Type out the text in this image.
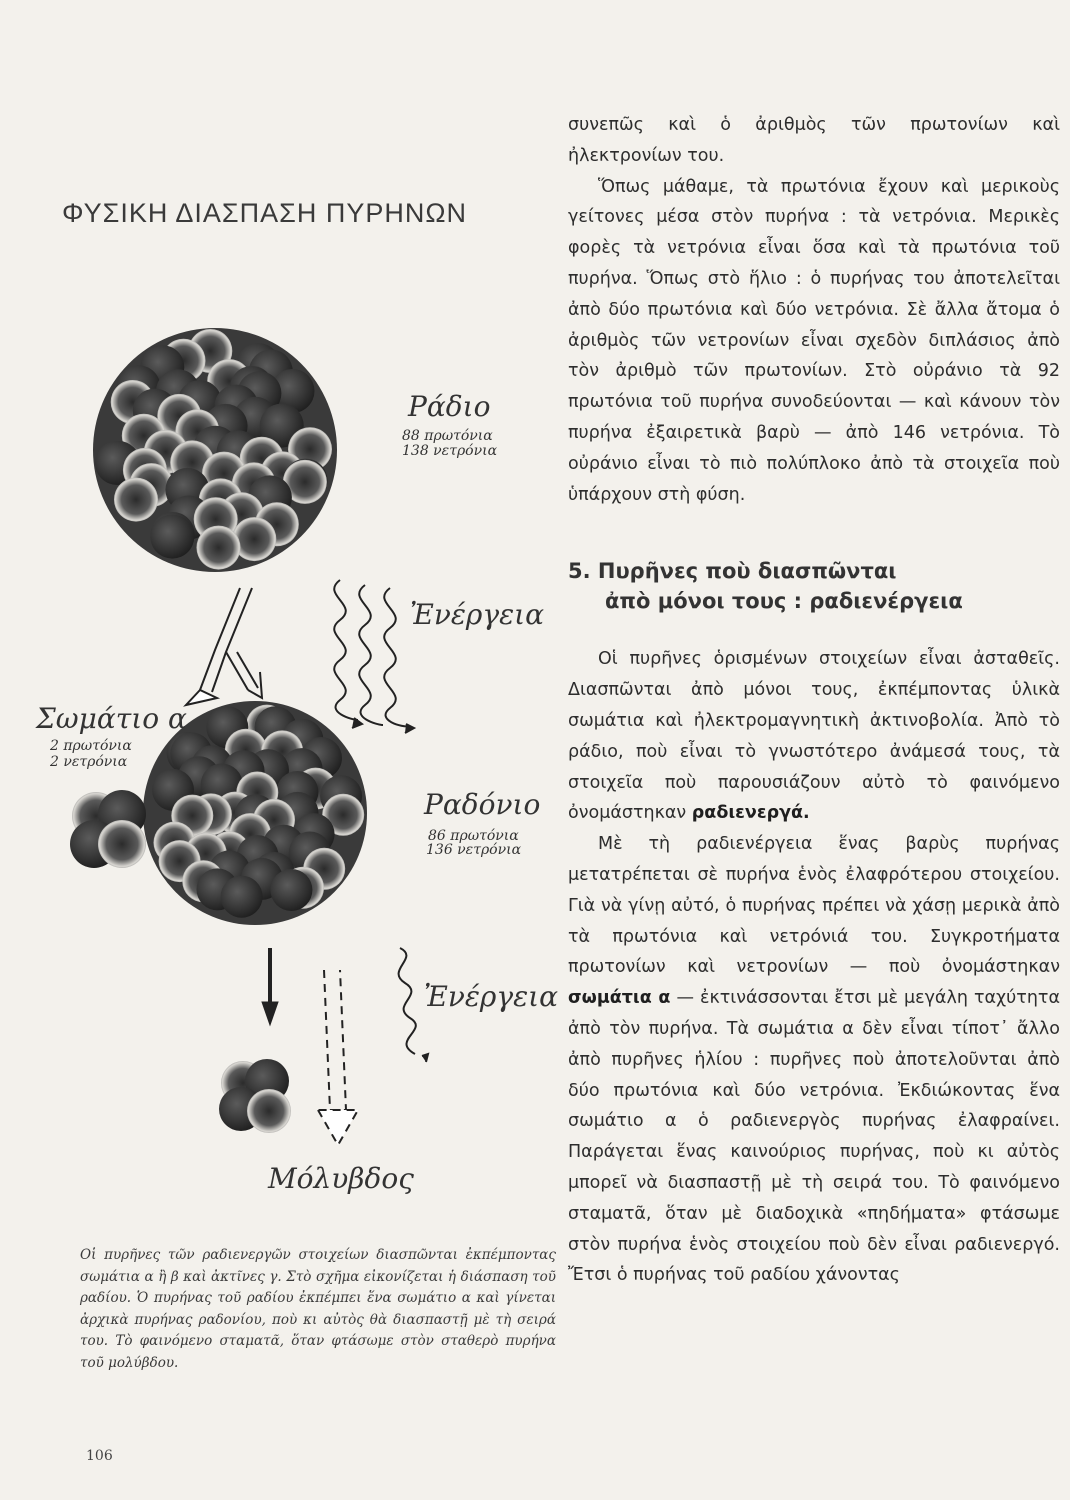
ΦΥΣΙΚΗ ΔΙΑΣΠΑΣΗ ΠΥΡΗΝΩΝ
Ράδιο
88 πρωτόνια
138 νετρόνια
Ἐνέργεια
Σωμάτιο α
2 πρωτόνια
2 νετρόνια
Ραδόνιο
86 πρωτόνια
136 νετρόνια
Ἐνέργεια
Μόλυβδος

Οἱ πυρῆνες τῶν ραδιενεργῶν στοιχείων διασπῶνται ἐκπέμποντας σωμάτια α ἢ β καὶ ἀκτῖνες γ. Στὸ σχῆμα εἰκονίζεται ἡ διάσπαση τοῦ ραδίου. Ὁ πυρήνας τοῦ ραδίου ἐκπέμπει ἕνα σωμάτιο α καὶ γίνεται ἀρχικὰ πυρήνας ραδονίου, ποὺ κι αὐτὸς θὰ διασπαστῇ μὲ τὴ σειρά του. Τὸ φαινόμενο σταματᾶ, ὅταν φτάσωμε στὸν σταθερὸ πυρήνα τοῦ μολύβδου.

106

συνεπῶς καὶ ὁ ἀριθμὸς τῶν πρωτονίων καὶ ἠλεκτρονίων του.

Ὅπως μάθαμε, τὰ πρωτόνια ἔχουν καὶ μερικοὺς γείτονες μέσα στὸν πυρήνα : τὰ νετρόνια. Μερικὲς φορὲς τὰ νετρόνια εἶναι ὅσα καὶ τὰ πρωτόνια τοῦ πυρήνα. Ὅπως στὸ ἥλιο : ὁ πυρήνας του ἀποτελεῖται ἀπὸ δύο πρωτόνια καὶ δύο νετρόνια. Σὲ ἄλλα ἄτομα ὁ ἀριθμὸς τῶν νετρονίων εἶναι σχεδὸν διπλάσιος ἀπὸ τὸν ἀριθμὸ τῶν πρωτονίων. Στὸ οὐράνιο τὰ 92 πρωτόνια τοῦ πυρήνα συνοδεύονται — καὶ κάνουν τὸν πυρήνα ἐξαιρετικὰ βαρὺ — ἀπὸ 146 νετρόνια. Τὸ οὐράνιο εἶναι τὸ πιὸ πολύπλοκο ἀπὸ τὰ στοιχεῖα ποὺ ὑπάρχουν στὴ φύση.

5. Πυρῆνες ποὺ διασπῶνται
ἀπὸ μόνοι τους : ραδιενέργεια

Οἱ πυρῆνες ὁρισμένων στοιχείων εἶναι ἀσταθεῖς. Διασπῶνται ἀπὸ μόνοι τους, ἐκπέμποντας ὑλικὰ σωμάτια καὶ ἠλεκτρομαγνητικὴ ἀκτινοβολία. Ἀπὸ τὸ ράδιο, ποὺ εἶναι τὸ γνωστότερο ἀνάμεσά τους, τὰ στοιχεῖα ποὺ παρουσιάζουν αὐτὸ τὸ φαινόμενο ὀνομάστηκαν ραδιενεργά.

Μὲ τὴ ραδιενέργεια ἕνας βαρὺς πυρήνας μετατρέπεται σὲ πυρήνα ἑνὸς ἐλαφρότερου στοιχείου. Γιὰ νὰ γίνῃ αὐτό, ὁ πυρήνας πρέπει νὰ χάσῃ μερικὰ ἀπὸ τὰ πρωτόνια καὶ νετρόνιά του. Συγκροτήματα πρωτονίων καὶ νετρονίων — ποὺ ὀνομάστηκαν σωμάτια α — ἐκτινάσσονται ἔτσι μὲ μεγάλη ταχύτητα ἀπὸ τὸν πυρήνα. Τὰ σωμάτια α δὲν εἶναι τίποτ᾿ ἄλλο ἀπὸ πυρῆνες ἡλίου : πυρῆνες ποὺ ἀποτελοῦνται ἀπὸ δύο πρωτόνια καὶ δύο νετρόνια. Ἐκδιώκοντας ἕνα σωμάτιο α ὁ ραδιενεργὸς πυρήνας ἐλαφραίνει. Παράγεται ἕνας καινούριος πυρήνας, ποὺ κι αὐτὸς μπορεῖ νὰ διασπαστῇ μὲ τὴ σειρά του. Τὸ φαινόμενο σταματᾶ, ὅταν μὲ διαδοχικὰ «πηδήματα» φτάσωμε στὸν πυρήνα ἑνὸς στοιχείου ποὺ δὲν εἶναι ραδιενεργό. Ἔτσι ὁ πυρήνας τοῦ ραδίου χάνοντας
